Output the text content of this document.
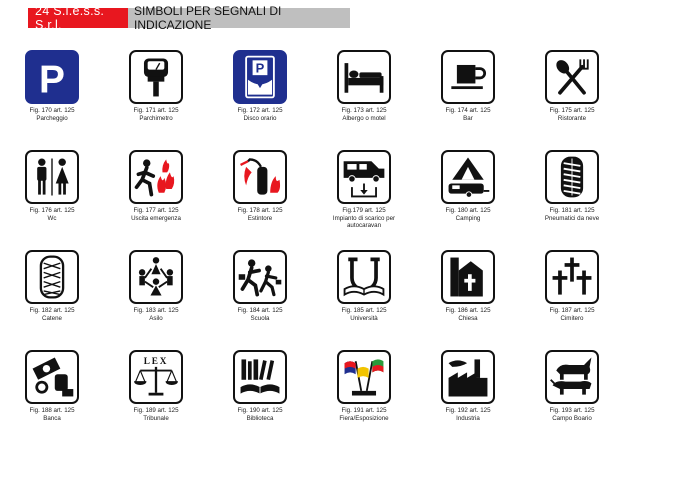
24 S.i.e.s.s. S.r.l.
SIMBOLI PER SEGNALI DI INDICAZIONE
P
Fig. 170 art. 125
Parcheggio
Fig. 171 art. 125
Parchimetro
P
Fig. 172 art. 125
Disco orario
Fig. 173 art. 125
Albergo o motel
Fig. 174 art. 125
Bar
Fig. 175 art. 125
Ristorante
Fig. 176 art. 125
Wc
Fig. 177 art. 125
Uscita emergenza
Fig. 178 art. 125
Estintore
Fig.179 art. 125
Impianto di scarico per autocaravan
Fig. 180 art. 125
Camping
Fig. 181 art. 125
Pneumatici da neve
Fig. 182 art. 125
Catene
Fig. 183 art. 125
Asilo
Fig. 184 art. 125
Scuola
Fig. 185 art. 125
Università
Fig. 186 art. 125
Chiesa
Fig. 187 art. 125
Cimitero
Fig. 188 art. 125
Banca
LEX
Fig. 189 art. 125
Tribunale
Fig. 190 art. 125
Biblioteca
Fig. 191 art. 125
Fiera/Esposizione
Fig. 192 art. 125
Industria
Fig. 193 art. 125
Campo Boario
